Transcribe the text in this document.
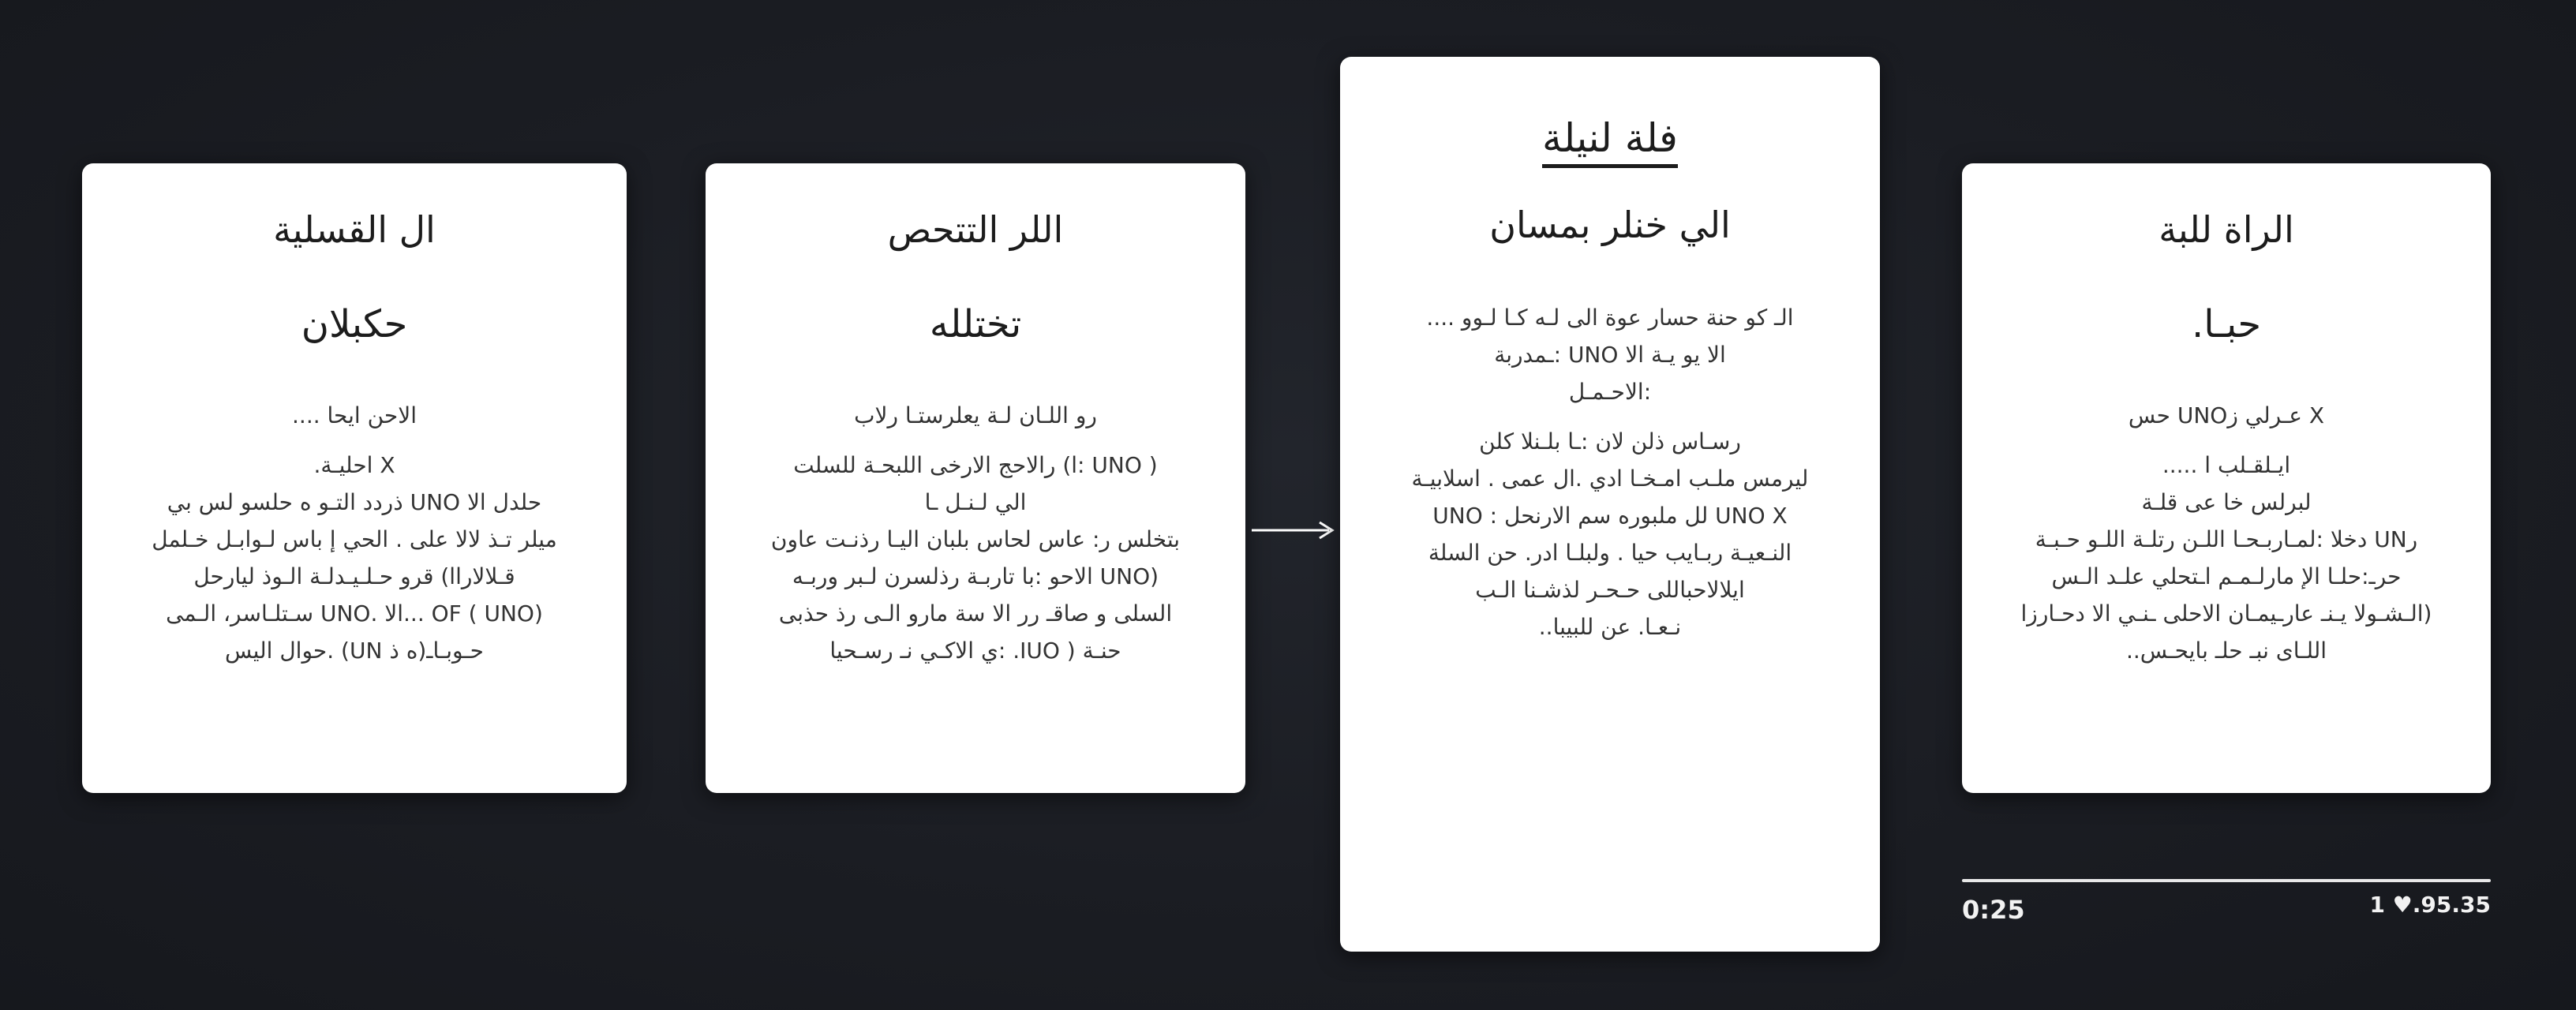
ال القسلية
حكبلان
الاحن ايحا ....
X احليـة.
حلدل الا UNO ذردد التـو ه حلسو لس بي
ميلر تـذ لالا على . الحي إ باس لـوابـل خـلمل
قـلالاراا) قرو حـلـيـدلـة الـوذ ليارحل
OF ( UNO) ...الا .UNO سـتلـاسر، الـمى
حـوبـاـ(ه ذ UN) .حوال اليس
اللر التتحص
تختلله
رو اللـان لـة يعلرستـا رلاب
( UNO :ا) رالاحج الارخى اللبحـة للسلت
الي لـنـل ـا
بتخلس ر: عاس لحاس بلبان اليـا رذنـت عاون
(UNO الاحو :با تاربـة رذلسرن لـبر وربـه
السلى و صاقـ رر الا سة مارو الـى رذ حذبى
حنـة ( IUO. :ي الاكـي نـ رسـحيا
فلة لنيلة
الي خنلر بمسان
الـ كو حنة حسار عوة الى لـه كـا لـوو ....
الا يو يـة الا UNO :ـمدربة
:الاحـمـل
رسـاس ذلن لان :ـا بلـنلا كلن
ليرمس ملـب امـخـا ادي .ال عمى . اسلابيـة
UNO X لل ملبوره سم الارنحل : UNO
النـعيـة ربـايب حيا . ولبلـا ادر. حن السلة
ايلالاحباللى حـحـر لذشـنا الـب
نـعـا. عن للبيبا..
الراة للبة
حبـا.
X عـرلي زUNO حس
ايـلقـلب ا .....
لبرلس خا عى قلـة
رUN دخلا :لمـاربـحـا اللـن رتلـة اللـو حـبـة
حرـ:حلـا الإ مارلـمـم اـتحلي علـد الـس
(الـشـولا يـنـ عارـيمـان الاحلى ـنـي الا دحـارزا
اللـاى نبـ حلـ بايحـس..
0:25	1 ♥.95.35
